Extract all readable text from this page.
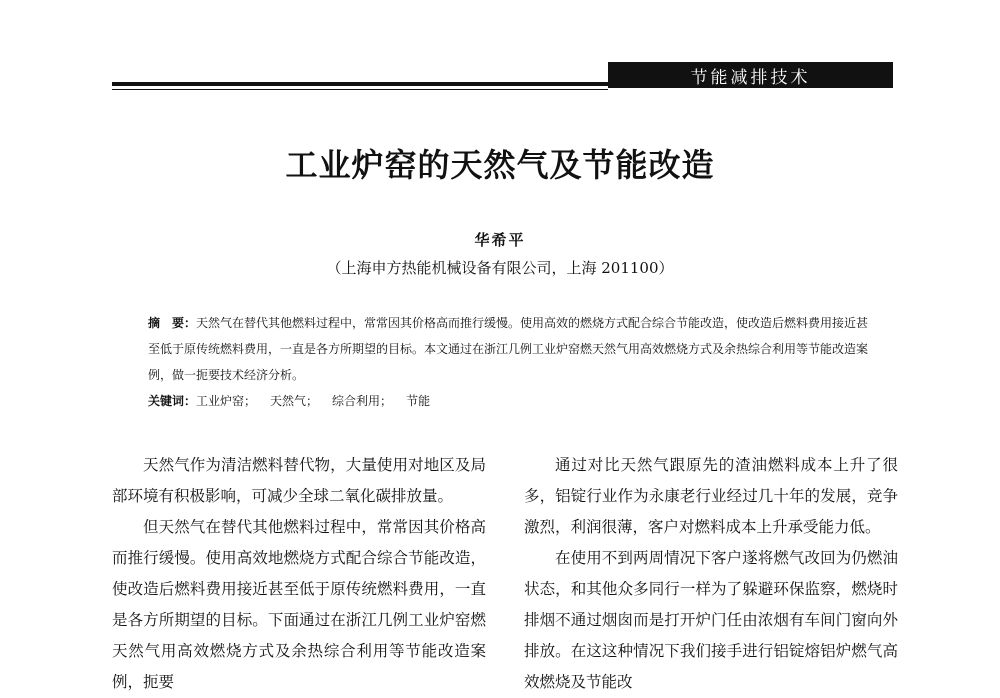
节能减排技术
工业炉窑的天然气及节能改造
华希平
（上海申方热能机械设备有限公司，上海 201100）
摘　要：天然气在替代其他燃料过程中，常常因其价格高而推行缓慢。使用高效的燃烧方式配合综合节能改造，使改造后燃料费用接近甚至低于原传统燃料费用，一直是各方所期望的目标。本文通过在浙江几例工业炉窑燃天然气用高效燃烧方式及余热综合利用等节能改造案例，做一扼要技术经济分析。
关键词：工业炉窑； 天然气； 综合利用； 节能

天然气作为清洁燃料替代物，大量使用对地区及局部环境有积极影响，可减少全球二氧化碳排放量。

但天然气在替代其他燃料过程中，常常因其价格高而推行缓慢。使用高效地燃烧方式配合综合节能改造，使改造后燃料费用接近甚至低于原传统燃料费用，一直是各方所期望的目标。下面通过在浙江几例工业炉窑燃天然气用高效燃烧方式及余热综合利用等节能改造案例，扼要

通过对比天然气跟原先的渣油燃料成本上升了很多，铝锭行业作为永康老行业经过几十年的发展，竞争激烈，利润很薄，客户对燃料成本上升承受能力低。

在使用不到两周情况下客户遂将燃气改回为仍燃油状态，和其他众多同行一样为了躲避环保监察，燃烧时排烟不通过烟囱而是打开炉门任由浓烟有车间门窗向外排放。在这这种情况下我们接手进行铝锭熔铝炉燃气高效燃烧及节能改
